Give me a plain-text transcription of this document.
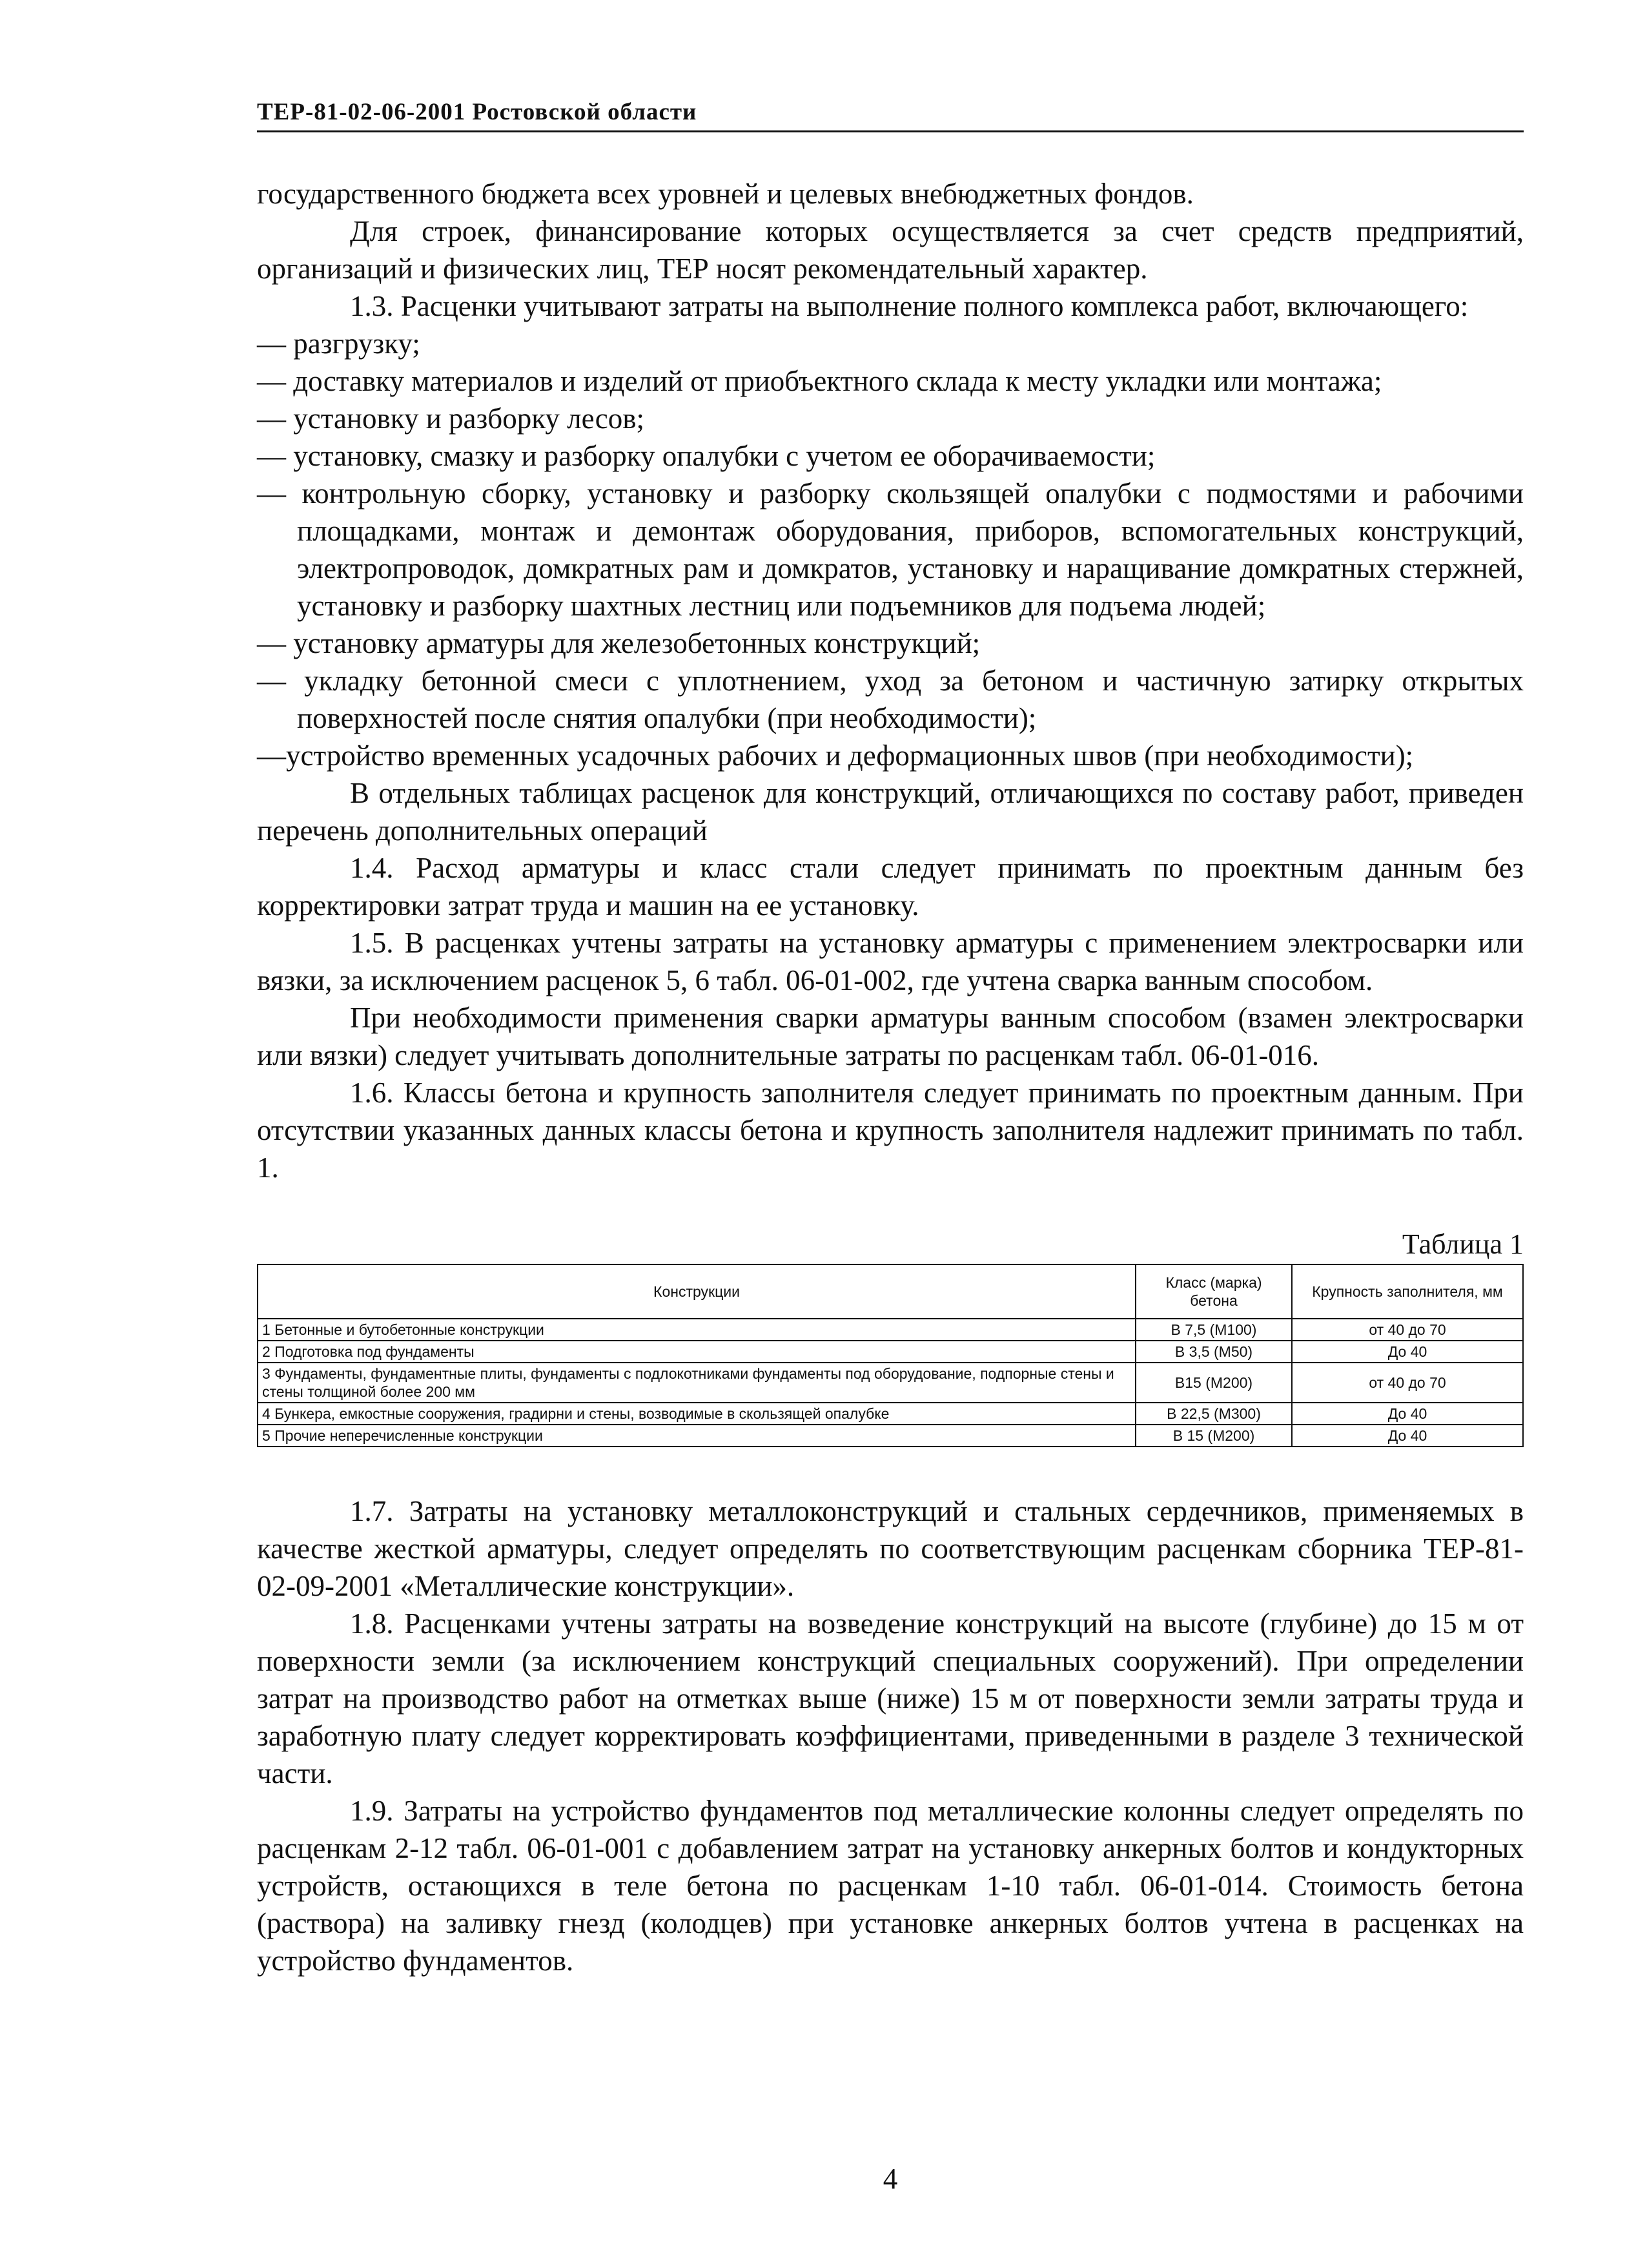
ТЕР-81-02-06-2001 Ростовской области

государственного бюджета всех уровней и целевых внебюджетных фондов.

Для строек, финансирование которых осуществляется за счет средств предприятий, организаций и физических лиц, ТЕР носят рекомендательный характер.

1.3. Расценки учитывают затраты на выполнение полного комплекса работ, включающего:

— разгрузку;

— доставку материалов и изделий от приобъектного склада к месту укладки или монтажа;

— установку и разборку лесов;

— установку, смазку и разборку опалубки с учетом ее оборачиваемости;

— контрольную сборку, установку и разборку скользящей опалубки с подмостями и рабочими площадками, монтаж и демонтаж оборудования, приборов, вспомогательных конструкций, электропроводок, домкратных рам и домкратов, установку и наращивание домкратных стержней, установку и разборку шахтных лестниц или подъемников для подъема людей;

— установку арматуры для железобетонных конструкций;

— укладку бетонной смеси с уплотнением, уход за бетоном и частичную затирку открытых поверхностей после снятия опалубки (при необходимости);

—устройство временных усадочных рабочих и деформационных швов (при необходимости);

В отдельных таблицах расценок для конструкций, отличающихся по составу работ, приведен перечень дополнительных операций

1.4. Расход арматуры и класс стали следует принимать по проектным данным без корректировки затрат труда и машин на ее установку.

1.5. В расценках учтены затраты на установку арматуры с применением электросварки или вязки, за исключением расценок 5, 6 табл. 06-01-002, где учтена сварка ванным способом.

При необходимости применения сварки арматуры ванным способом (взамен электросварки или вязки) следует учитывать дополнительные затраты по расценкам табл. 06-01-016.

1.6. Классы бетона и крупность заполнителя следует принимать по проектным данным. При отсутствии указанных данных классы бетона и крупность заполнителя надлежит принимать по табл. 1.

Таблица 1
Конструкции	Класс (марка) бетона	Крупность заполнителя, мм
1 Бетонные и бутобетонные конструкции	В 7,5 (М100)	от 40 до 70
2 Подготовка под фундаменты	В 3,5 (М50)	До 40
3 Фундаменты, фундаментные плиты, фундаменты с подлокотниками фундаменты под оборудование, подпорные стены и стены толщиной более 200 мм	В15 (М200)	от 40 до 70
4 Бункера, емкостные сооружения, градирни и стены, возводимые в скользящей опалубке	В 22,5 (М300)	До 40
5 Прочие неперечисленные конструкции	В 15 (М200)	До 40

1.7. Затраты на установку металлоконструкций и стальных сердечников, применяемых в качестве жесткой арматуры, следует определять по соответствующим расценкам сборника ТЕР-81-02-09-2001 «Металлические конструкции».

1.8. Расценками учтены затраты на возведение конструкций на высоте (глубине) до 15 м от поверхности земли (за исключением конструкций специальных сооружений). При определении затрат на производство работ на отметках выше (ниже) 15 м от поверхности земли затраты труда и заработную плату следует корректировать коэффициентами, приведенными в разделе 3 технической части.

1.9. Затраты на устройство фундаментов под металлические колонны следует определять по расценкам 2-12 табл. 06-01-001 с добавлением затрат на установку анкерных болтов и кондукторных устройств, остающихся в теле бетона по расценкам 1-10 табл. 06-01-014. Стоимость бетона (раствора) на заливку гнезд (колодцев) при установке анкерных болтов учтена в расценках на устройство фундаментов.

4
